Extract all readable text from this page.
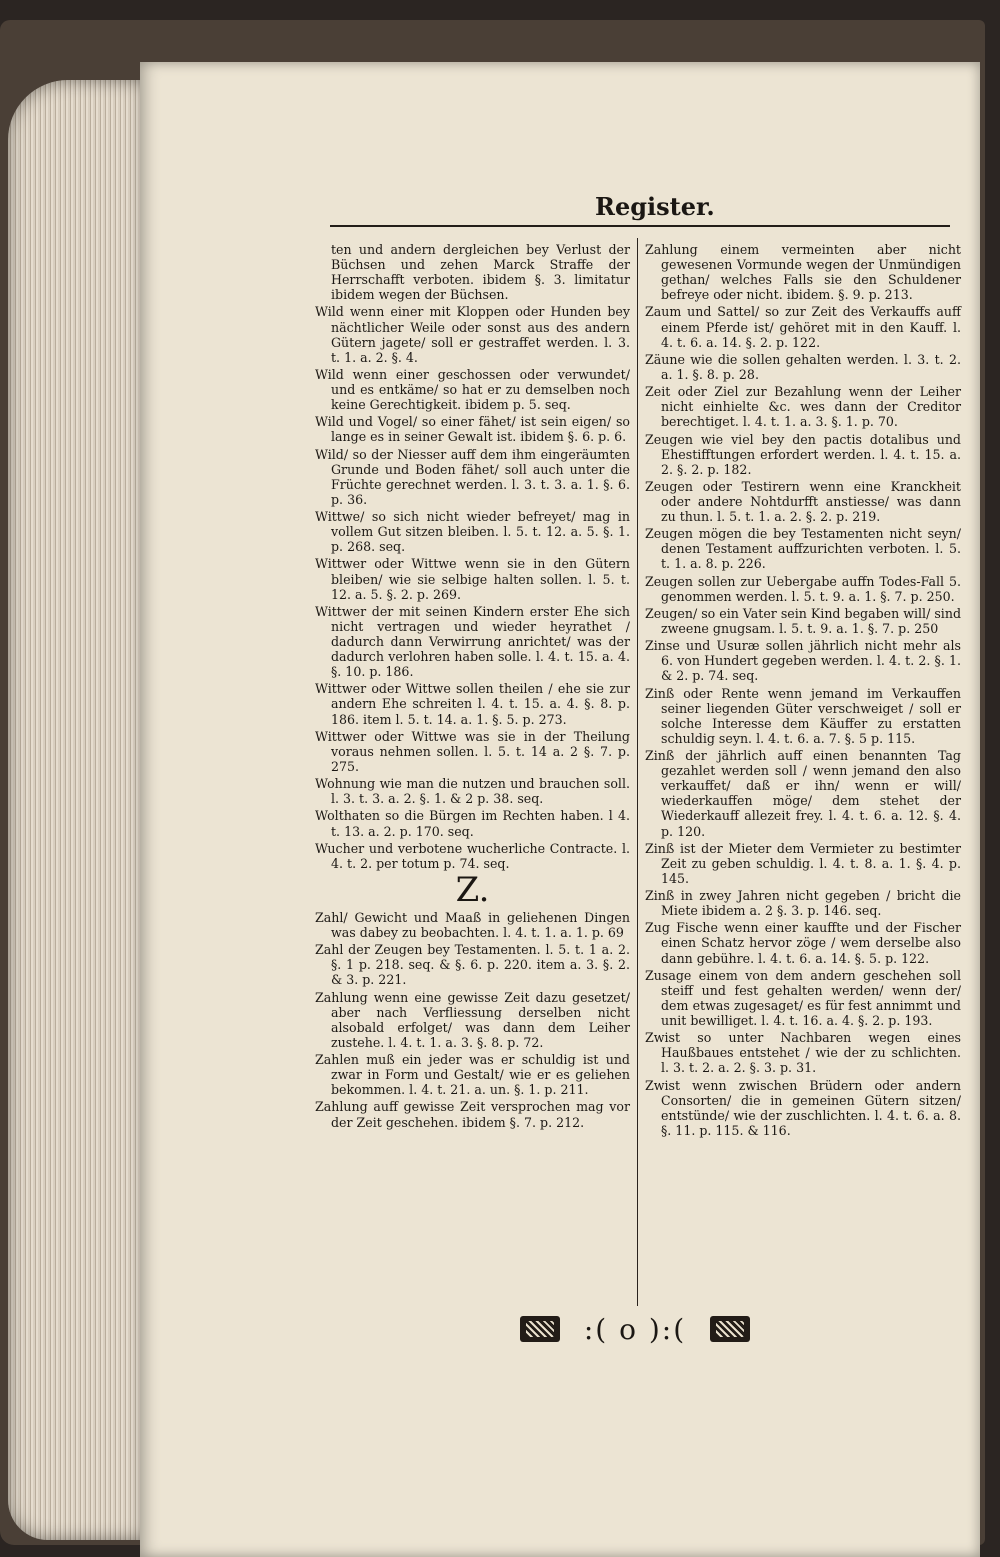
Register.
ten und andern dergleichen bey Verlust der Büchsen und zehen Marck Straffe der Herrschafft verboten. ibidem §. 3. limitatur ibidem wegen der Büchsen.
Wild wenn einer mit Kloppen oder Hunden bey nächtlicher Weile oder sonst aus des andern Gütern jagete/ soll er gestraffet werden. l. 3. t. 1. a. 2. §. 4.
Wild wenn einer geschossen oder verwundet/ und es entkäme/ so hat er zu demselben noch keine Gerechtigkeit. ibidem p. 5. seq.
Wild und Vogel/ so einer fähet/ ist sein eigen/ so lange es in seiner Gewalt ist. ibidem §. 6. p. 6.
Wild/ so der Niesser auff dem ihm eingeräumten Grunde und Boden fähet/ soll auch unter die Früchte gerechnet werden. l. 3. t. 3. a. 1. §. 6. p. 36.
Wittwe/ so sich nicht wieder befreyet/ mag in vollem Gut sitzen bleiben. l. 5. t. 12. a. 5. §. 1. p. 268. seq.
Wittwer oder Wittwe wenn sie in den Gütern bleiben/ wie sie selbige halten sollen. l. 5. t. 12. a. 5. §. 2. p. 269.
Wittwer der mit seinen Kindern erster Ehe sich nicht vertragen und wieder heyrathet / dadurch dann Verwirrung anrichtet/ was der dadurch verlohren haben solle. l. 4. t. 15. a. 4. §. 10. p. 186.
Wittwer oder Wittwe sollen theilen / ehe sie zur andern Ehe schreiten l. 4. t. 15. a. 4. §. 8. p. 186. item l. 5. t. 14. a. 1. §. 5. p. 273.
Wittwer oder Wittwe was sie in der Theilung voraus nehmen sollen. l. 5. t. 14 a. 2 §. 7. p. 275.
Wohnung wie man die nutzen und brauchen soll. l. 3. t. 3. a. 2. §. 1. & 2 p. 38. seq.
Wolthaten so die Bürgen im Rechten haben. l 4. t. 13. a. 2. p. 170. seq.
Wucher und verbotene wucherliche Contracte. l. 4. t. 2. per totum p. 74. seq.
Z.
Zahl/ Gewicht und Maaß in geliehenen Dingen was dabey zu beobachten. l. 4. t. 1. a. 1. p. 69
Zahl der Zeugen bey Testamenten. l. 5. t. 1 a. 2. §. 1 p. 218. seq. & §. 6. p. 220. item a. 3. §. 2. & 3. p. 221.
Zahlung wenn eine gewisse Zeit dazu gesetzet/ aber nach Verfliessung derselben nicht alsobald erfolget/ was dann dem Leiher zustehe. l. 4. t. 1. a. 3. §. 8. p. 72.
Zahlen muß ein jeder was er schuldig ist und zwar in Form und Gestalt/ wie er es geliehen bekommen. l. 4. t. 21. a. un. §. 1. p. 211.
Zahlung auff gewisse Zeit versprochen mag vor der Zeit geschehen. ibidem §. 7. p. 212.
Zahlung einem vermeinten aber nicht gewesenen Vormunde wegen der Unmündigen gethan/ welches Falls sie den Schuldener befreye oder nicht. ibidem. §. 9. p. 213.
Zaum und Sattel/ so zur Zeit des Verkauffs auff einem Pferde ist/ gehöret mit in den Kauff. l. 4. t. 6. a. 14. §. 2. p. 122.
Zäune wie die sollen gehalten werden. l. 3. t. 2. a. 1. §. 8. p. 28.
Zeit oder Ziel zur Bezahlung wenn der Leiher nicht einhielte &c. wes dann der Creditor berechtiget. l. 4. t. 1. a. 3. §. 1. p. 70.
Zeugen wie viel bey den pactis dotalibus und Ehestifftungen erfordert werden. l. 4. t. 15. a. 2. §. 2. p. 182.
Zeugen oder Testirern wenn eine Kranckheit oder andere Nohtdurfft anstiesse/ was dann zu thun. l. 5. t. 1. a. 2. §. 2. p. 219.
Zeugen mögen die bey Testamenten nicht seyn/ denen Testament auffzurichten verboten. l. 5. t. 1. a. 8. p. 226.
Zeugen sollen zur Uebergabe auffn Todes-Fall 5. genommen werden. l. 5. t. 9. a. 1. §. 7. p. 250.
Zeugen/ so ein Vater sein Kind begaben will/ sind zweene gnugsam. l. 5. t. 9. a. 1. §. 7. p. 250
Zinse und Usuræ sollen jährlich nicht mehr als 6. von Hundert gegeben werden. l. 4. t. 2. §. 1. & 2. p. 74. seq.
Zinß oder Rente wenn jemand im Verkauffen seiner liegenden Güter verschweiget / soll er solche Interesse dem Käuffer zu erstatten schuldig seyn. l. 4. t. 6. a. 7. §. 5 p. 115.
Zinß der jährlich auff einen benannten Tag gezahlet werden soll / wenn jemand den also verkauffet/ daß er ihn/ wenn er will/ wiederkauffen möge/ dem stehet der Wiederkauff allezeit frey. l. 4. t. 6. a. 12. §. 4. p. 120.
Zinß ist der Mieter dem Vermieter zu bestimter Zeit zu geben schuldig. l. 4. t. 8. a. 1. §. 4. p. 145.
Zinß in zwey Jahren nicht gegeben / bricht die Miete ibidem a. 2 §. 3. p. 146. seq.
Zug Fische wenn einer kauffte und der Fischer einen Schatz hervor zöge / wem derselbe also dann gebühre. l. 4. t. 6. a. 14. §. 5. p. 122.
Zusage einem von dem andern geschehen soll steiff und fest gehalten werden/ wenn der/ dem etwas zugesaget/ es für fest annimmt und unit bewilliget. l. 4. t. 16. a. 4. §. 2. p. 193.
Zwist so unter Nachbaren wegen eines Haußbaues entstehet / wie der zu schlichten. l. 3. t. 2. a. 2. §. 3. p. 31.
Zwist wenn zwischen Brüdern oder andern Consorten/ die in gemeinen Gütern sitzen/ entstünde/ wie der zuschlichten. l. 4. t. 6. a. 8. §. 11. p. 115. & 116.
:( o ):(
